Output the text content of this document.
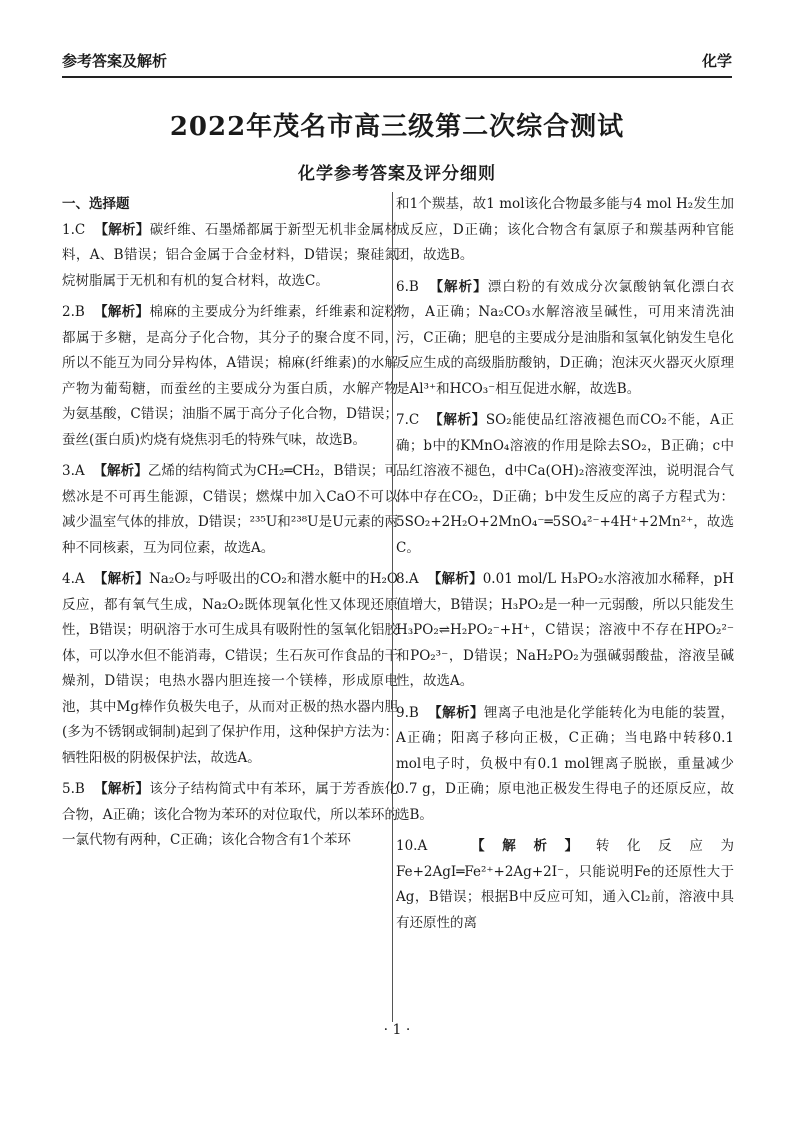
参考答案及解析	化学
2022年茂名市高三级第二次综合测试
化学参考答案及评分细则

一、选择题

1.C 【解析】碳纤维、石墨烯都属于新型无机非金属材料，A、B错误；铝合金属于合金材料，D错误；聚硅氮烷树脂属于无机和有机的复合材料，故选C。

2.B 【解析】棉麻的主要成分为纤维素，纤维素和淀粉都属于多糖，是高分子化合物，其分子的聚合度不同，所以不能互为同分异构体，A错误；棉麻(纤维素)的水解产物为葡萄糖，而蚕丝的主要成分为蛋白质，水解产物为氨基酸，C错误；油脂不属于高分子化合物，D错误；蚕丝(蛋白质)灼烧有烧焦羽毛的特殊气味，故选B。

3.A 【解析】乙烯的结构简式为CH₂═CH₂，B错误；可燃冰是不可再生能源，C错误；燃煤中加入CaO不可以减少温室气体的排放，D错误；²³⁵U和²³⁸U是U元素的两种不同核素，互为同位素，故选A。

4.A 【解析】Na₂O₂与呼吸出的CO₂和潜水艇中的H₂O反应，都有氧气生成，Na₂O₂既体现氧化性又体现还原性，B错误；明矾溶于水可生成具有吸附性的氢氧化铝胶体，可以净水但不能消毒，C错误；生石灰可作食品的干燥剂，D错误；电热水器内胆连接一个镁棒，形成原电池，其中Mg棒作负极失电子，从而对正极的热水器内胆(多为不锈钢或铜制)起到了保护作用，这种保护方法为：牺牲阳极的阴极保护法，故选A。

5.B 【解析】该分子结构简式中有苯环，属于芳香族化合物，A正确；该化合物为苯环的对位取代，所以苯环的一氯代物有两种，C正确；该化合物含有1个苯环

和1个羰基，故1 mol该化合物最多能与4 mol H₂发生加成反应，D正确；该化合物含有氯原子和羰基两种官能团，故选B。

6.B 【解析】漂白粉的有效成分次氯酸钠氧化漂白衣物，A正确；Na₂CO₃水解溶液呈碱性，可用来清洗油污，C正确；肥皂的主要成分是油脂和氢氧化钠发生皂化反应生成的高级脂肪酸钠，D正确；泡沫灭火器灭火原理是Al³⁺和HCO₃⁻相互促进水解，故选B。

7.C 【解析】SO₂能使品红溶液褪色而CO₂不能，A正确；b中的KMnO₄溶液的作用是除去SO₂，B正确；c中品红溶液不褪色，d中Ca(OH)₂溶液变浑浊，说明混合气体中存在CO₂，D正确；b中发生反应的离子方程式为：5SO₂+2H₂O+2MnO₄⁻═5SO₄²⁻+4H⁺+2Mn²⁺，故选C。

8.A 【解析】0.01 mol/L H₃PO₂水溶液加水稀释，pH值增大，B错误；H₃PO₂是一种一元弱酸，所以只能发生H₃PO₂⇌H₂PO₂⁻+H⁺，C错误；溶液中不存在HPO₂²⁻和PO₂³⁻，D错误；NaH₂PO₂为强碱弱酸盐，溶液呈碱性，故选A。

9.B 【解析】锂离子电池是化学能转化为电能的装置，A正确；阳离子移向正极，C正确；当电路中转移0.1 mol电子时，负极中有0.1 mol锂离子脱嵌，重量减少0.7 g，D正确；原电池正极发生得电子的还原反应，故选B。

10.A	【解析】转化反应为Fe+2AgI═Fe²⁺+2Ag+2I⁻，只能说明Fe的还原性大于Ag，B错误；根据B中反应可知，通入Cl₂前，溶液中具有还原性的离

· 1 ·
